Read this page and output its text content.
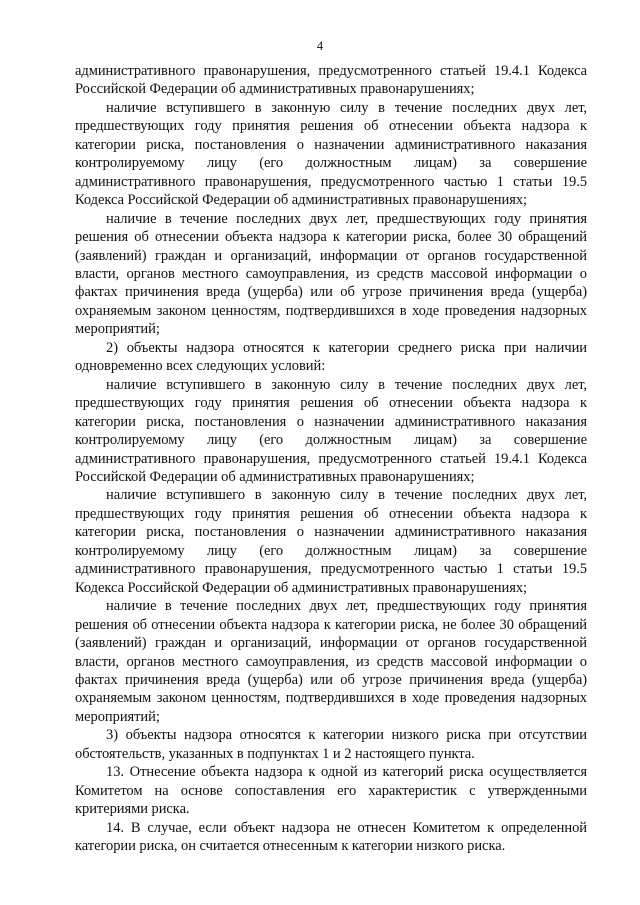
4

административного правонарушения, предусмотренного статьей 19.4.1 Кодекса Российской Федерации об административных правонарушениях;

наличие вступившего в законную силу в течение последних двух лет, предшествующих году принятия решения об отнесении объекта надзора к категории риска, постановления о назначении административного наказания контролируемому лицу (его должностным лицам) за совершение административного правонарушения, предусмотренного частью 1 статьи 19.5 Кодекса Российской Федерации об административных правонарушениях;

наличие в течение последних двух лет, предшествующих году принятия решения об отнесении объекта надзора к категории риска, более 30 обращений (заявлений) граждан и организаций, информации от органов государственной власти, органов местного самоуправления, из средств массовой информации о фактах причинения вреда (ущерба) или об угрозе причинения вреда (ущерба) охраняемым законом ценностям, подтвердившихся в ходе проведения надзорных мероприятий;

2) объекты надзора относятся к категории среднего риска при наличии одновременно всех следующих условий:

наличие вступившего в законную силу в течение последних двух лет, предшествующих году принятия решения об отнесении объекта надзора к категории риска, постановления о назначении административного наказания контролируемому лицу (его должностным лицам) за совершение административного правонарушения, предусмотренного статьей 19.4.1 Кодекса Российской Федерации об административных правонарушениях;

наличие вступившего в законную силу в течение последних двух лет, предшествующих году принятия решения об отнесении объекта надзора к категории риска, постановления о назначении административного наказания контролируемому лицу (его должностным лицам) за совершение административного правонарушения, предусмотренного частью 1 статьи 19.5 Кодекса Российской Федерации об административных правонарушениях;

наличие в течение последних двух лет, предшествующих году принятия решения об отнесении объекта надзора к категории риска, не более 30 обращений (заявлений) граждан и организаций, информации от органов государственной власти, органов местного самоуправления, из средств массовой информации о фактах причинения вреда (ущерба) или об угрозе причинения вреда (ущерба) охраняемым законом ценностям, подтвердившихся в ходе проведения надзорных мероприятий;

3) объекты надзора относятся к категории низкого риска при отсутствии обстоятельств, указанных в подпунктах 1 и 2 настоящего пункта.

13. Отнесение объекта надзора к одной из категорий риска осуществляется Комитетом на основе сопоставления его характеристик с утвержденными критериями риска.

14. В случае, если объект надзора не отнесен Комитетом к определенной категории риска, он считается отнесенным к категории низкого риска.
